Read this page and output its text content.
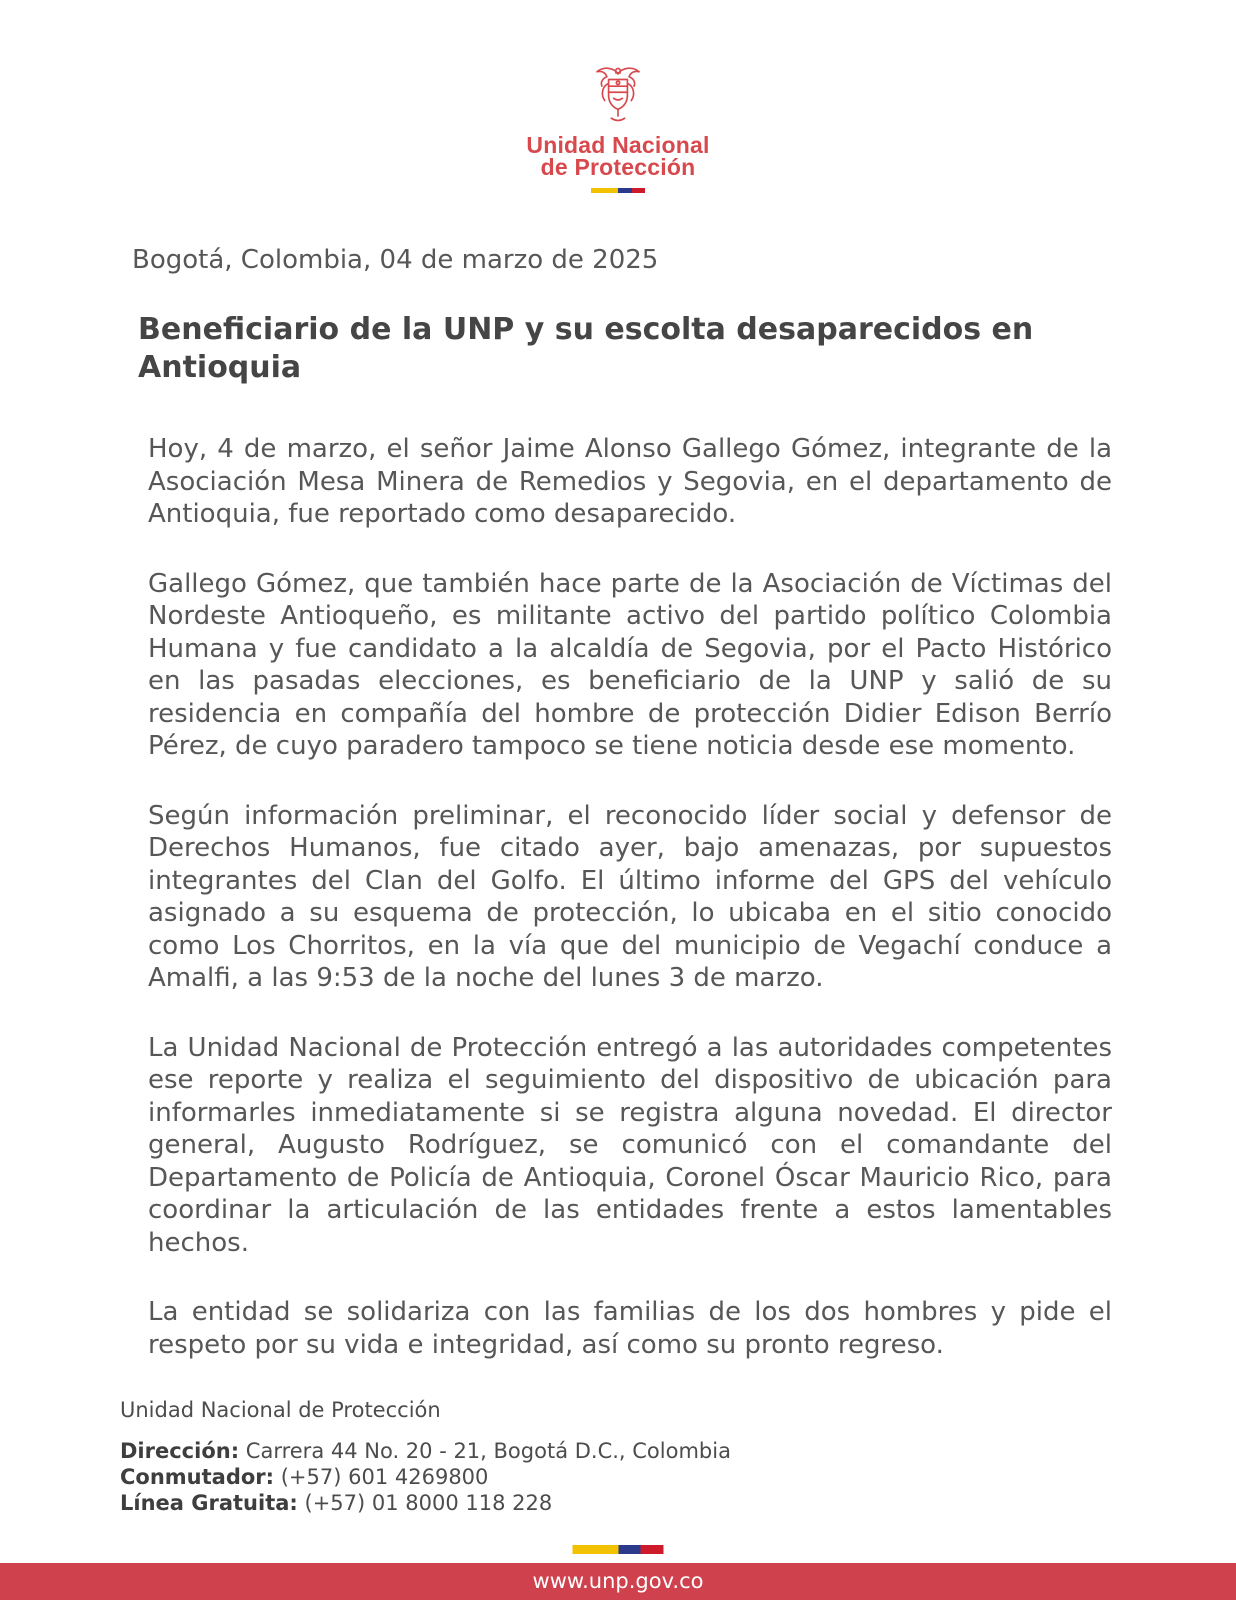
Unidad Nacional
de Protección
Bogotá, Colombia, 04 de marzo de 2025
Beneficiario de la UNP y su escolta desaparecidos en Antioquia

Hoy, 4 de marzo, el señor Jaime Alonso Gallego Gómez, integrante de la Asociación Mesa Minera de Remedios y Segovia, en el departamento de Antioquia, fue reportado como desaparecido.

Gallego Gómez, que también hace parte de la Asociación de Víctimas del Nordeste Antioqueño, es militante activo del partido político Colombia Humana y fue candidato a la alcaldía de Segovia, por el Pacto Histórico en las pasadas elecciones, es beneficiario de la UNP y salió de su residencia en compañía del hombre de protección Didier Edison Berrío Pérez, de cuyo paradero tampoco se tiene noticia desde ese momento.

Según información preliminar, el reconocido líder social y defensor de Derechos Humanos, fue citado ayer, bajo amenazas, por supuestos integrantes del Clan del Golfo. El último informe del GPS del vehículo asignado a su esquema de protección, lo ubicaba en el sitio conocido como Los Chorritos, en la vía que del municipio de Vegachí conduce a Amalfi, a las 9:53 de la noche del lunes 3 de marzo.

La Unidad Nacional de Protección entregó a las autoridades competentes ese reporte y realiza el seguimiento del dispositivo de ubicación para informarles inmediatamente si se registra alguna novedad. El director general, Augusto Rodríguez, se comunicó con el comandante del Departamento de Policía de Antioquia, Coronel Óscar Mauricio Rico, para coordinar la articulación de las entidades frente a estos lamentables hechos.

La entidad se solidariza con las familias de los dos hombres y pide el respeto por su vida e integridad, así como su pronto regreso.

Unidad Nacional de Protección
Dirección: Carrera 44 No. 20 - 21, Bogotá D.C., Colombia
Conmutador: (+57) 601 4269800
Línea Gratuita: (+57) 01 8000 118 228
www.unp.gov.co
